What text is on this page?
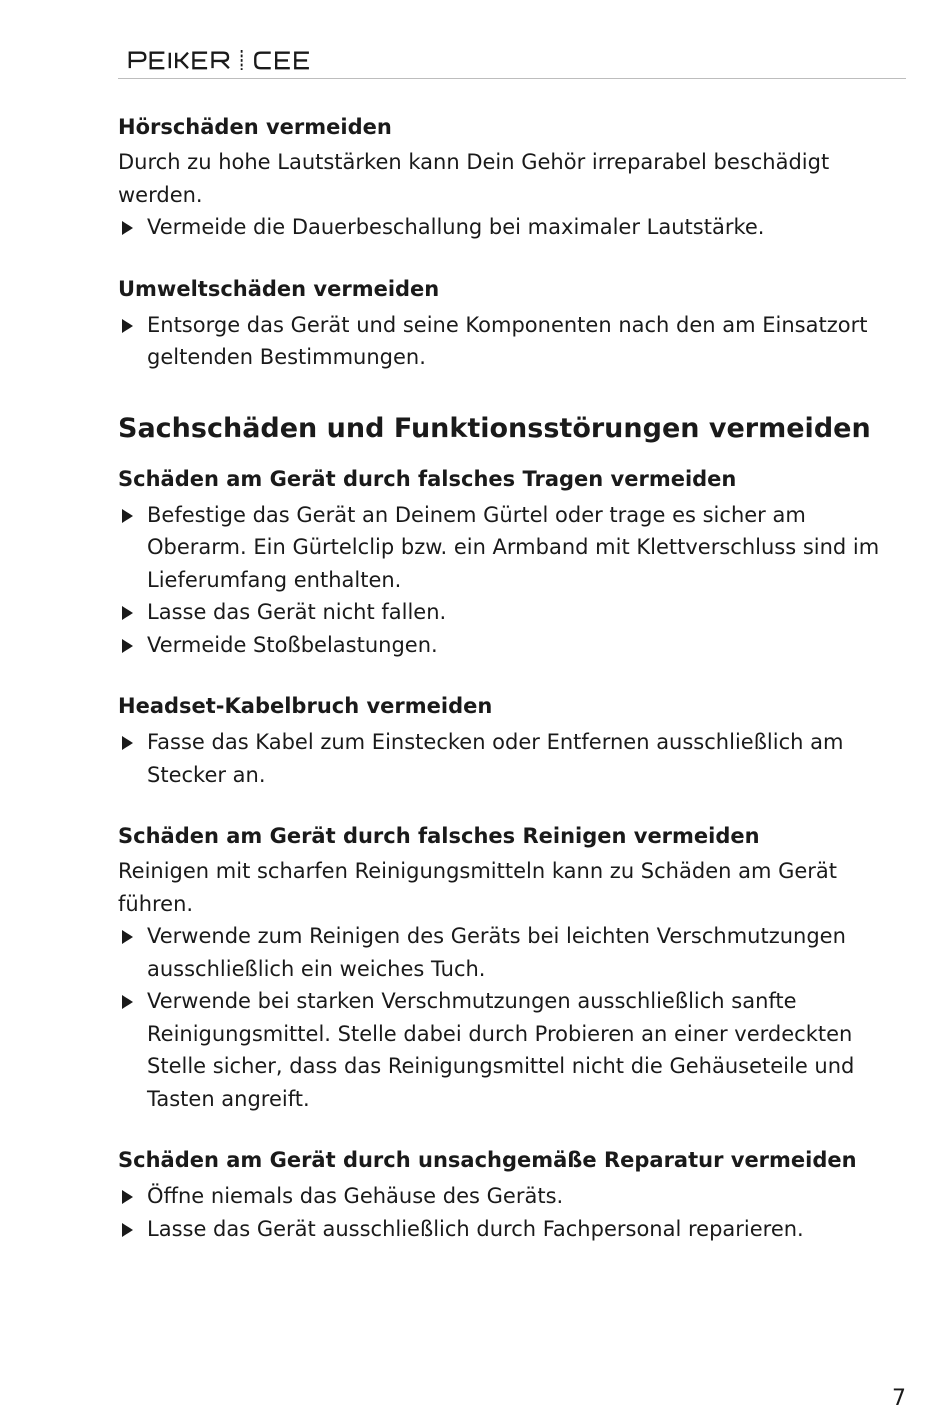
Hörschäden vermeiden

Durch zu hohe Lautstärken kann Dein Gehör irreparabel beschädigt werden.

Vermeide die Dauerbeschallung bei maximaler Lautstärke.
Umweltschäden vermeiden
Entsorge das Gerät und seine Komponenten nach den am Einsatzort geltenden Bestimmungen.
Sachschäden und Funktionsstörungen vermeiden
Schäden am Gerät durch falsches Tragen vermeiden
Befestige das Gerät an Deinem Gürtel oder trage es sicher am Oberarm. Ein Gürtelclip bzw. ein Armband mit Klettverschluss sind im Lieferumfang enthalten.
Lasse das Gerät nicht fallen.
Vermeide Stoßbelastungen.
Headset-Kabelbruch vermeiden
Fasse das Kabel zum Einstecken oder Entfernen ausschließlich am Stecker an.
Schäden am Gerät durch falsches Reinigen vermeiden

Reinigen mit scharfen Reinigungsmitteln kann zu Schäden am Gerät führen.

Verwende zum Reinigen des Geräts bei leichten Verschmutzungen ausschließlich ein weiches Tuch.
Verwende bei starken Verschmutzungen ausschließlich sanfte Reinigungsmittel. Stelle dabei durch Probieren an einer verdeckten Stelle sicher, dass das Reinigungsmittel nicht die Gehäuseteile und Tasten angreift.
Schäden am Gerät durch unsachgemäße Reparatur vermeiden
Öffne niemals das Gehäuse des Geräts.
Lasse das Gerät ausschließlich durch Fachpersonal reparieren.
7
